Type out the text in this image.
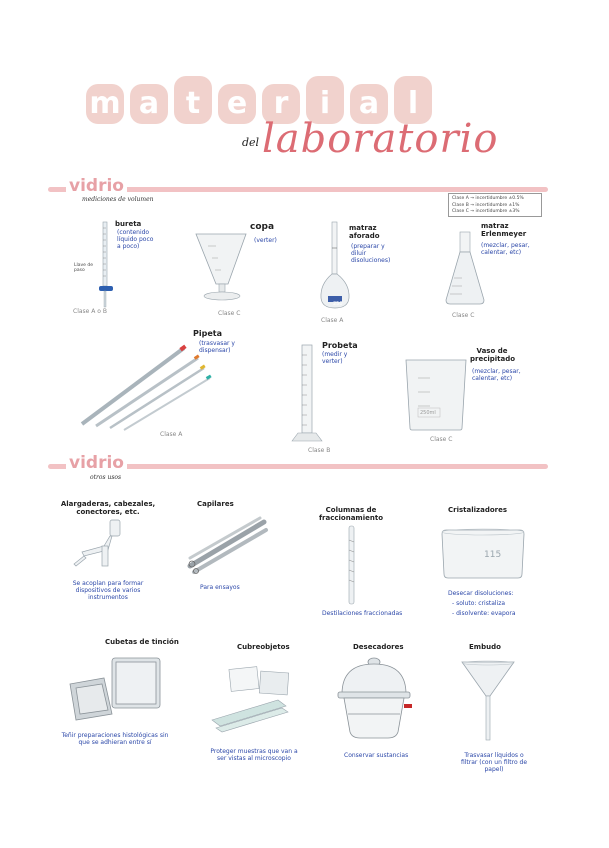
m a t e r	i a l
del laboratorio
vidrio
mediciones de volumen	Clase A → incertidumbre ±0.5%
Clase B → incertidumbre ±1%
Clase C → incertidumbre ±3%
bureta
(contenido líquido poco a poco)
Llave de paso
Clase A o B
copa
(verter)
Clase C
250
matraz aforado
(preparar y diluir disoluciones)
Clase A
matraz Erlenmeyer
(mezclar, pesar, calentar, etc)
Clase C
Pipeta
(trasvasar y dispensar)
Clase A
Probeta
(medir y verter)
Clase B
250ml
Vaso de precipitado
(mezclar, pesar, calentar, etc)
Clase C
vidrio
otros usos
Alargaderas, cabezales, conectores, etc.
Se acoplan para formar dispositivos de varios instrumentos
Capilares
Para ensayos
Columnas de fraccionamiento
Destilaciones fraccionadas
Cristalizadores
115
Desecar disoluciones:
- soluto: cristaliza
- disolvente: evapora
Cubetas de tinción
Teñir preparaciones histológicas sin que se adhieran entre sí
Cubreobjetos
Proteger muestras que van a ser vistas al microscopio
Desecadores
Conservar sustancias
Embudo
Trasvasar líquidos o filtrar (con un filtro de papel)
